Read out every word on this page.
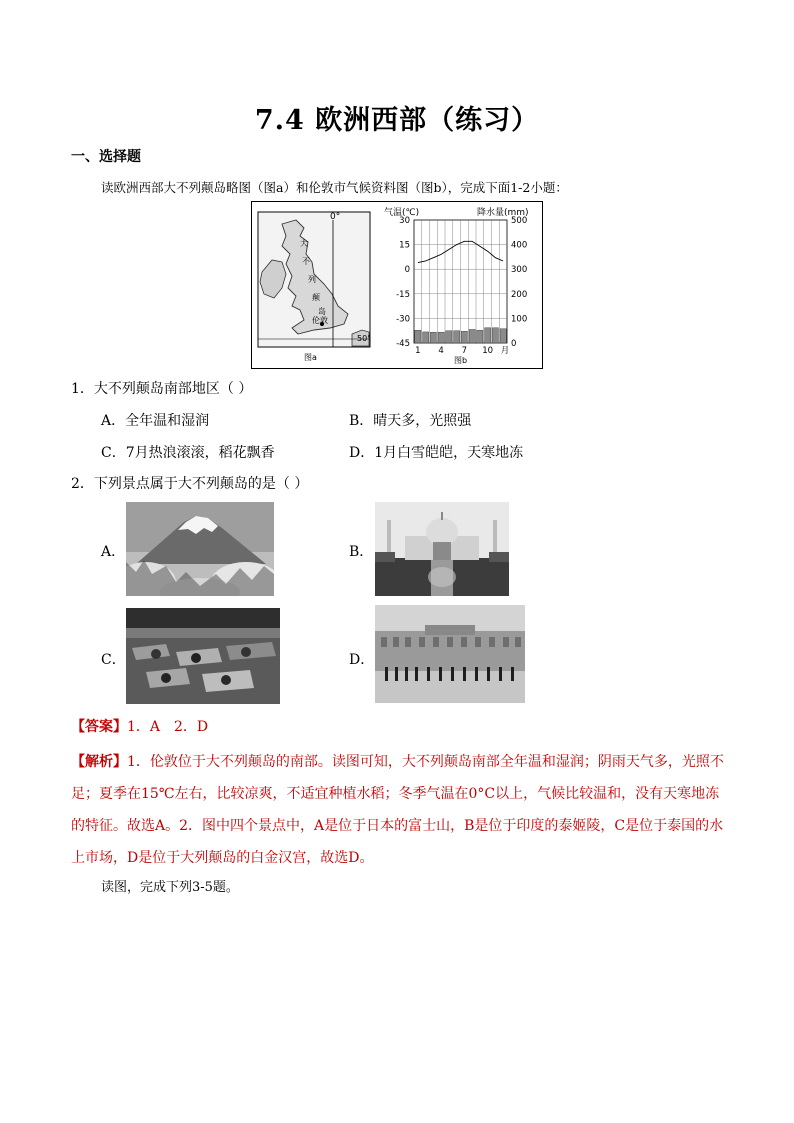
7.4 欧洲西部（练习）
一、选择题
读欧洲西部大不列颠岛略图（图a）和伦敦市气候资料图（图b），完成下面1-2小题：
0°
50°
大
不
列
颠
岛
伦敦
图a
30
15
0
-15
-30
-45
500
400
300
200
100
0
气温(℃)	降水量(mm)
1 4 7 10 月
图b
1．大不列颠岛南部地区（ ）
A．全年温和湿润	B．晴天多，光照强
C．7月热浪滚滚，稻花飘香	D．1月白雪皑皑，天寒地冻
2．下列景点属于大不列颠岛的是（ ）
A．	B．
C．	D．
【答案】1．A　2．D
【解析】1．伦敦位于大不列颠岛的南部。读图可知，大不列颠岛南部全年温和湿润；阴雨天气多，光照不足；夏季在15℃左右，比较凉爽，不适宜种植水稻；冬季气温在0°C以上，气候比较温和，没有天寒地冻的特征。故选A。2．图中四个景点中，A是位于日本的富士山，B是位于印度的泰姬陵，C是位于泰国的水上市场，D是位于大列颠岛的白金汉宫，故选D。
读图，完成下列3-5题。
